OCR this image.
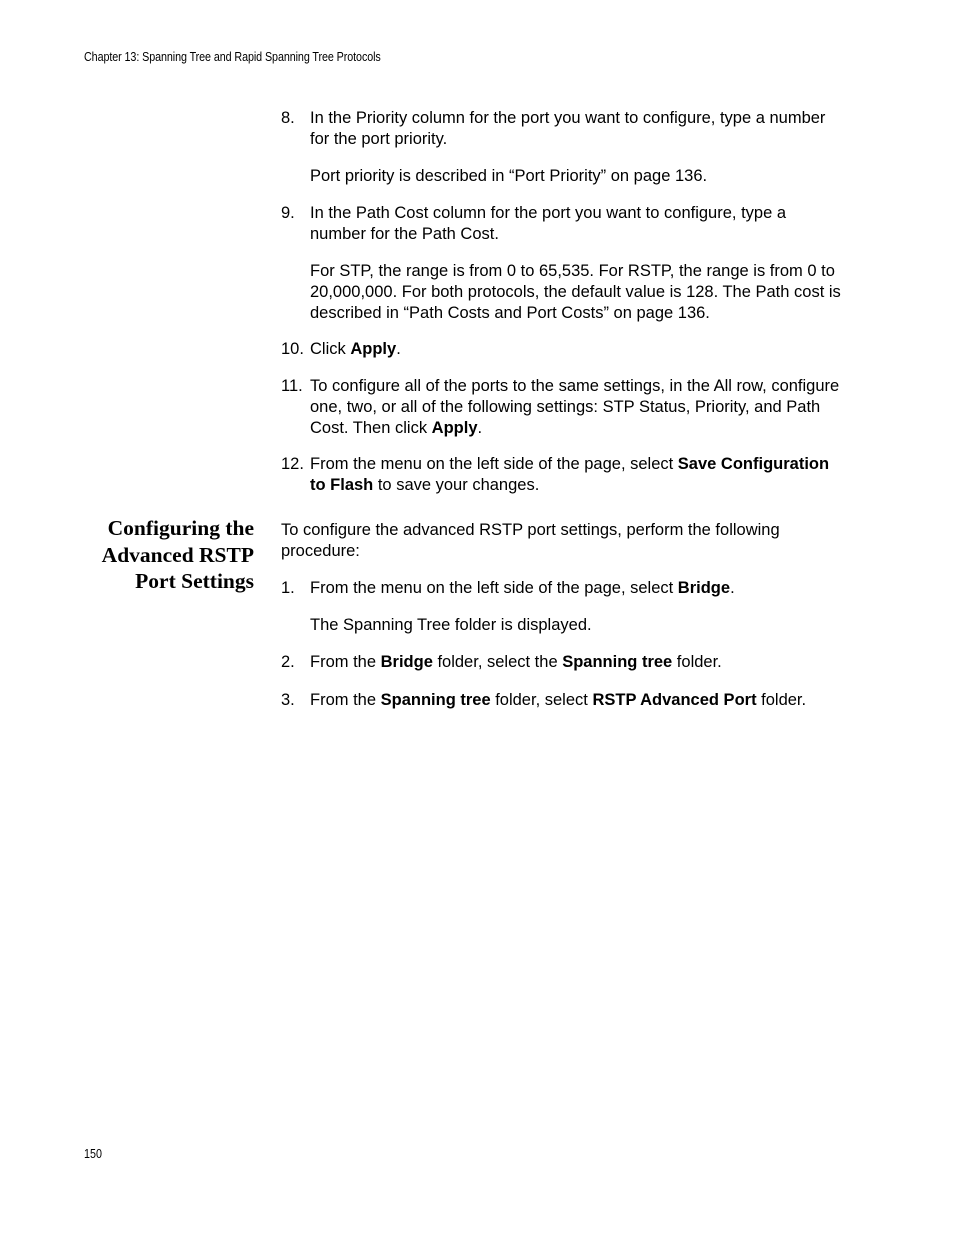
Chapter 13: Spanning Tree and Rapid Spanning Tree Protocols
8. In the Priority column for the port you want to configure, type a number for the port priority.
Port priority is described in “Port Priority” on page 136.
9. In the Path Cost column for the port you want to configure, type a number for the Path Cost.
For STP, the range is from 0 to 65,535. For RSTP, the range is from 0 to 20,000,000. For both protocols, the default value is 128. The Path cost is described in “Path Costs and Port Costs” on page 136.
10. Click Apply.
11. To configure all of the ports to the same settings, in the All row, configure one, two, or all of the following settings: STP Status, Priority, and Path Cost. Then click Apply.
12. From the menu on the left side of the page, select Save Configuration to Flash to save your changes.
Configuring the
Advanced RSTP
Port Settings
To configure the advanced RSTP port settings, perform the following procedure:
1. From the menu on the left side of the page, select Bridge.
The Spanning Tree folder is displayed.
2. From the Bridge folder, select the Spanning tree folder.
3. From the Spanning tree folder, select RSTP Advanced Port folder.
150
